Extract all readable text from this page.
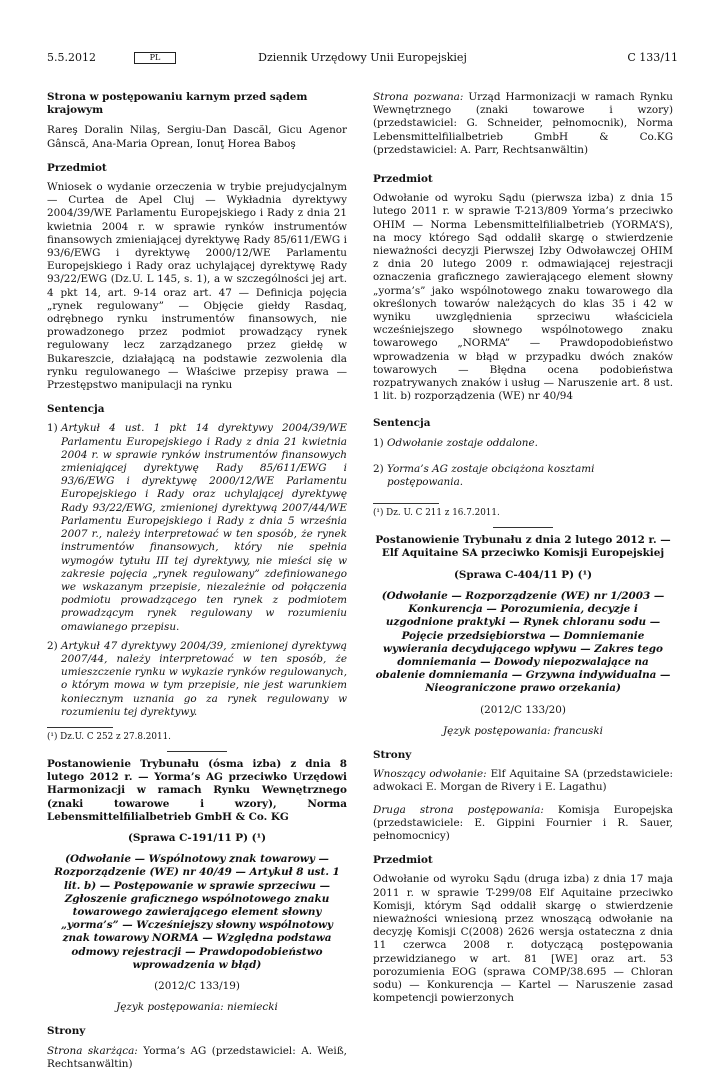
5.5.2012	PL	Dziennik Urzędowy Unii Europejskiej	C 133/11

Strona w postępowaniu karnym przed sądem krajowym

Rareş Doralin Nilaş, Sergiu-Dan Dascăl, Gicu Agenor Gânscă, Ana-Maria Oprean, Ionuţ Horea Baboş

Przedmiot

Wniosek o wydanie orzeczenia w trybie prejudycjalnym — Curtea de Apel Cluj — Wykładnia dyrektywy 2004/39/WE Parlamentu Europejskiego i Rady z dnia 21 kwietnia 2004 r. w sprawie rynków instrumentów finansowych zmieniającej dyrektywę Rady 85/611/EWG i 93/6/EWG i dyrektywę 2000/12/WE Parlamentu Europejskiego i Rady oraz uchylającej dyrektywę Rady 93/22/EWG (Dz.U. L 145, s. 1), a w szczególności jej art. 4 pkt 14, art. 9-14 oraz art. 47 — Definicja pojęcia „rynek regulowany” — Objęcie giełdy Rasdaq, odrębnego rynku instrumentów finansowych, nie prowadzonego przez podmiot prowadzący rynek regulowany lecz zarządzanego przez giełdę w Bukareszcie, działającą na podstawie zezwolenia dla rynku regulowanego — Właściwe przepisy prawa — Przestępstwo manipulacji na rynku

Sentencja

1) Artykuł 4 ust. 1 pkt 14 dyrektywy 2004/39/WE Parlamentu Europejskiego i Rady z dnia 21 kwietnia 2004 r. w sprawie rynków instrumentów finansowych zmieniającej dyrektywę Rady 85/611/EWG i 93/6/EWG i dyrektywę 2000/12/WE Parlamentu Europejskiego i Rady oraz uchylającej dyrektywę Rady 93/22/EWG, zmienionej dyrektywą 2007/44/WE Parlamentu Europejskiego i Rady z dnia 5 września 2007 r., należy interpretować w ten sposób, że rynek instrumentów finansowych, który nie spełnia wymogów tytułu III tej dyrektywy, nie mieści się w zakresie pojęcia „rynek regulowany” zdefiniowanego we wskazanym przepisie, niezależnie od połączenia podmiotu prowadzącego ten rynek z podmiotem prowadzącym rynek regulowany w rozumieniu omawianego przepisu.
2) Artykuł 47 dyrektywy 2004/39, zmienionej dyrektywą 2007/44, należy interpretować w ten sposób, że umieszczenie rynku w wykazie rynków regulowanych, o którym mowa w tym przepisie, nie jest warunkiem koniecznym uznania go za rynek regulowany w rozumieniu tej dyrektywy.

(¹) Dz.U. C 252 z 27.8.2011.

Postanowienie Trybunału (ósma izba) z dnia 8 lutego 2012 r. — Yorma’s AG przeciwko Urzędowi Harmonizacji w ramach Rynku Wewnętrznego (znaki towarowe i wzory), Norma Lebensmittelfilialbetrieb GmbH & Co. KG

(Sprawa C-191/11 P) (¹)

(Odwołanie — Wspólnotowy znak towarowy — Rozporządzenie (WE) nr 40/49 — Artykuł 8 ust. 1 lit. b) — Postępowanie w sprawie sprzeciwu — Zgłoszenie graficznego wspólnotowego znaku towarowego zawierającego element słowny „yorma’s” — Wcześniejszy słowny wspólnotowy znak towarowy NORMA — Względna podstawa odmowy rejestracji — Prawdopodobieństwo wprowadzenia w błąd)

(2012/C 133/19)

Język postępowania: niemiecki

Strony

Strona skarżąca: Yorma’s AG (przedstawiciel: A. Weiß, Rechtsanwältin)

Strona pozwana: Urząd Harmonizacji w ramach Rynku Wewnętrznego (znaki towarowe i wzory) (przedstawiciel: G. Schneider, pełnomocnik), Norma Lebensmittelfilialbetrieb GmbH & Co.KG (przedstawiciel: A. Parr, Rechtsanwältin)

Przedmiot

Odwołanie od wyroku Sądu (pierwsza izba) z dnia 15 lutego 2011 r. w sprawie T-213/809 Yorma’s przeciwko OHIM — Norma Lebensmittelfilialbetrieb (YORMA’S), na mocy którego Sąd oddalił skargę o stwierdzenie nieważności decyzji Pierwszej Izby Odwoławczej OHIM z dnia 20 lutego 2009 r. odmawiającej rejestracji oznaczenia graficznego zawierającego element słowny „yorma’s” jako wspólnotowego znaku towarowego dla określonych towarów należących do klas 35 i 42 w wyniku uwzględnienia sprzeciwu właściciela wcześniejszego słownego wspólnotowego znaku towarowego „NORMA” — Prawdopodobieństwo wprowadzenia w błąd w przypadku dwóch znaków towarowych — Błędna ocena podobieństwa rozpatrywanych znaków i usług — Naruszenie art. 8 ust. 1 lit. b) rozporządzenia (WE) nr 40/94

Sentencja

1) Odwołanie zostaje oddalone.
2) Yorma’s AG zostaje obciążona kosztami postępowania.

(¹) Dz. U. C 211 z 16.7.2011.

Postanowienie Trybunału z dnia 2 lutego 2012 r. — Elf Aquitaine SA przeciwko Komisji Europejskiej

(Sprawa C-404/11 P) (¹)

(Odwołanie — Rozporządzenie (WE) nr 1/2003 — Konkurencja — Porozumienia, decyzje i uzgodnione praktyki — Rynek chloranu sodu — Pojęcie przedsiębiorstwa — Domniemanie wywierania decydującego wpływu — Zakres tego domniemania — Dowody niepozwalające na obalenie domniemania — Grzywna indywidualna — Nieograniczone prawo orzekania)

(2012/C 133/20)

Język postępowania: francuski

Strony

Wnoszący odwołanie: Elf Aquitaine SA (przedstawiciele: adwokaci E. Morgan de Rivery i E. Lagathu)

Druga strona postępowania: Komisja Europejska (przedstawiciele: E. Gippini Fournier i R. Sauer, pełnomocnicy)

Przedmiot

Odwołanie od wyroku Sądu (druga izba) z dnia 17 maja 2011 r. w sprawie T-299/08 Elf Aquitaine przeciwko Komisji, którym Sąd oddalił skargę o stwierdzenie nieważności wniesioną przez wnoszącą odwołanie na decyzję Komisji C(2008) 2626 wersja ostateczna z dnia 11 czerwca 2008 r. dotyczącą postępowania przewidzianego w art. 81 [WE] oraz art. 53 porozumienia EOG (sprawa COMP/38.695 — Chloran sodu) — Konkurencja — Kartel — Naruszenie zasad kompetencji powierzonych
